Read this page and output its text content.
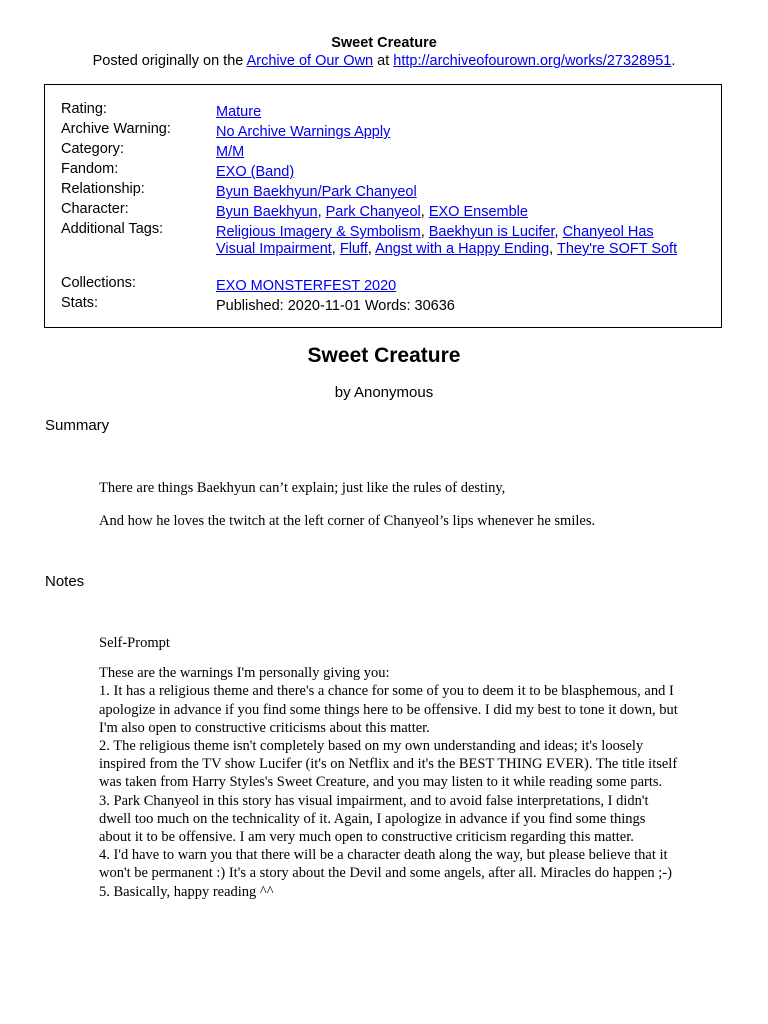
Sweet Creature
Posted originally on the Archive of Our Own at http://archiveofourown.org/works/27328951.
Rating:	Mature
Archive Warning:	No Archive Warnings Apply
Category:	M/M
Fandom:	EXO (Band)
Relationship:	Byun Baekhyun/Park Chanyeol
Character:	Byun Baekhyun, Park Chanyeol, EXO Ensemble
Additional Tags:	Religious Imagery & Symbolism, Baekhyun is Lucifer, Chanyeol Has Visual Impairment, Fluff, Angst with a Happy Ending, They're SOFT Soft
Collections:	EXO MONSTERFEST 2020
Stats:	Published: 2020-11-01 Words: 30636
Sweet Creature
by Anonymous
Summary

There are things Baekhyun can’t explain; just like the rules of destiny,

And how he loves the twitch at the left corner of Chanyeol’s lips whenever he smiles.

Notes

Self-Prompt

These are the warnings I'm personally giving you:

1. It has a religious theme and there's a chance for some of you to deem it to be blasphemous, and I apologize in advance if you find some things here to be offensive. I did my best to tone it down, but I'm also open to constructive criticisms about this matter.

2. The religious theme isn't completely based on my own understanding and ideas; it's loosely inspired from the TV show Lucifer (it's on Netflix and it's the BEST THING EVER). The title itself was taken from Harry Styles's Sweet Creature, and you may listen to it while reading some parts.

3. Park Chanyeol in this story has visual impairment, and to avoid false interpretations, I didn't dwell too much on the technicality of it. Again, I apologize in advance if you find some things about it to be offensive. I am very much open to constructive criticism regarding this matter.

4. I'd have to warn you that there will be a character death along the way, but please believe that it won't be permanent :) It's a story about the Devil and some angels, after all. Miracles do happen ;-)

5. Basically, happy reading ^^
